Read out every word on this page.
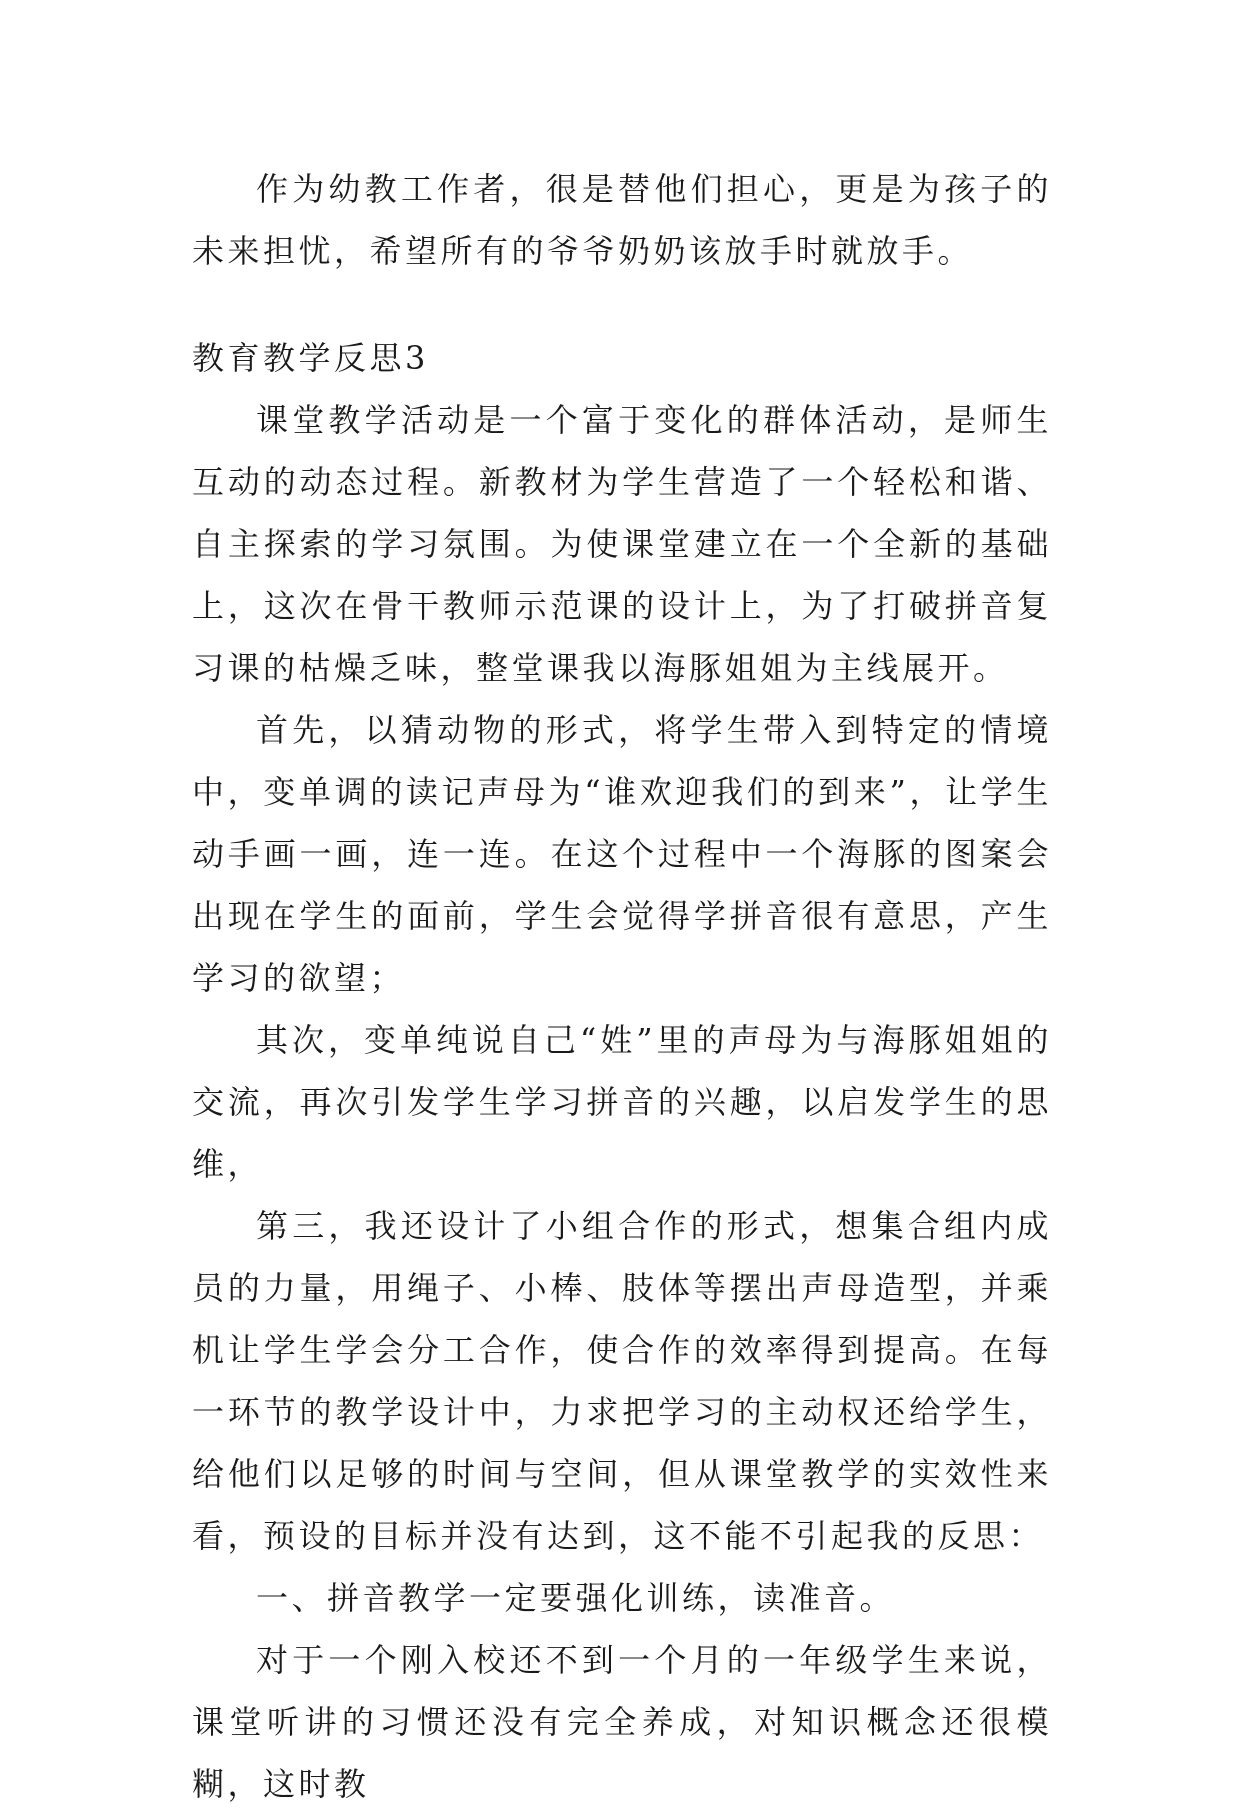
作为幼教工作者，很是替他们担心，更是为孩子的未来担忧，希望所有的爷爷奶奶该放手时就放手。

教育教学反思3

课堂教学活动是一个富于变化的群体活动，是师生互动的动态过程。新教材为学生营造了一个轻松和谐、自主探索的学习氛围。为使课堂建立在一个全新的基础上，这次在骨干教师示范课的设计上，为了打破拼音复习课的枯燥乏味，整堂课我以海豚姐姐为主线展开。

首先，以猜动物的形式，将学生带入到特定的情境中，变单调的读记声母为“谁欢迎我们的到来”，让学生动手画一画，连一连。在这个过程中一个海豚的图案会出现在学生的面前，学生会觉得学拼音很有意思，产生学习的欲望；

其次，变单纯说自己“姓”里的声母为与海豚姐姐的交流，再次引发学生学习拼音的兴趣，以启发学生的思维，

第三，我还设计了小组合作的形式，想集合组内成员的力量，用绳子、小棒、肢体等摆出声母造型，并乘机让学生学会分工合作，使合作的效率得到提高。在每一环节的教学设计中，力求把学习的主动权还给学生，给他们以足够的时间与空间，但从课堂教学的实效性来看，预设的目标并没有达到，这不能不引起我的反思：

一、拼音教学一定要强化训练，读准音。

对于一个刚入校还不到一个月的一年级学生来说，课堂听讲的习惯还没有完全养成，对知识概念还很模糊，这时教
